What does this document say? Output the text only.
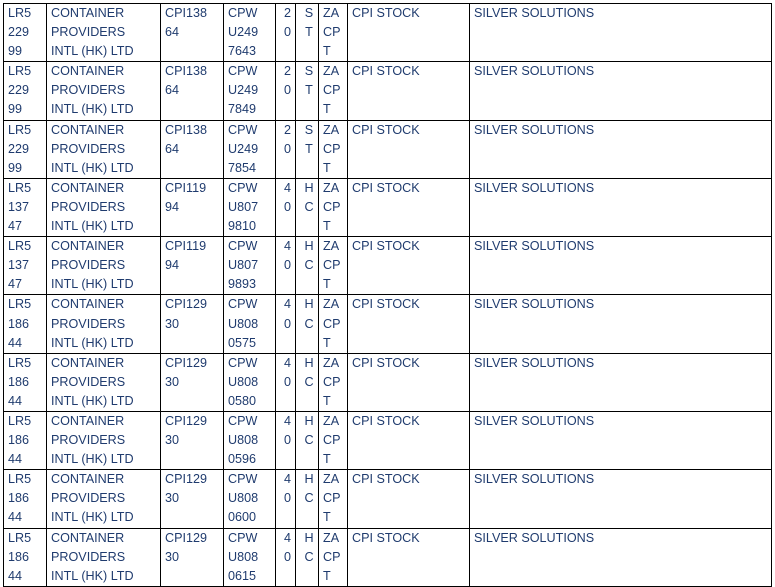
LR5
229
99	CONTAINER
PROVIDERS
INTL (HK) LTD	CPI138
64	CPW
U249
7643	2
0	S
T	ZA
CP
T	CPI STOCK	SILVER SOLUTIONS

LR5
229
99	CONTAINER
PROVIDERS
INTL (HK) LTD	CPI138
64	CPW
U249
7849	2
0	S
T	ZA
CP
T	CPI STOCK	SILVER SOLUTIONS

LR5
229
99	CONTAINER
PROVIDERS
INTL (HK) LTD	CPI138
64	CPW
U249
7854	2
0	S
T	ZA
CP
T	CPI STOCK	SILVER SOLUTIONS

LR5
137
47	CONTAINER
PROVIDERS
INTL (HK) LTD	CPI119
94	CPW
U807
9810	4
0	H
C	ZA
CP
T	CPI STOCK	SILVER SOLUTIONS

LR5
137
47	CONTAINER
PROVIDERS
INTL (HK) LTD	CPI119
94	CPW
U807
9893	4
0	H
C	ZA
CP
T	CPI STOCK	SILVER SOLUTIONS

LR5
186
44	CONTAINER
PROVIDERS
INTL (HK) LTD	CPI129
30	CPW
U808
0575	4
0	H
C	ZA
CP
T	CPI STOCK	SILVER SOLUTIONS

LR5
186
44	CONTAINER
PROVIDERS
INTL (HK) LTD	CPI129
30	CPW
U808
0580	4
0	H
C	ZA
CP
T	CPI STOCK	SILVER SOLUTIONS

LR5
186
44	CONTAINER
PROVIDERS
INTL (HK) LTD	CPI129
30	CPW
U808
0596	4
0	H
C	ZA
CP
T	CPI STOCK	SILVER SOLUTIONS

LR5
186
44	CONTAINER
PROVIDERS
INTL (HK) LTD	CPI129
30	CPW
U808
0600	4
0	H
C	ZA
CP
T	CPI STOCK	SILVER SOLUTIONS

LR5
186
44	CONTAINER
PROVIDERS
INTL (HK) LTD	CPI129
30	CPW
U808
0615	4
0	H
C	ZA
CP
T	CPI STOCK	SILVER SOLUTIONS
